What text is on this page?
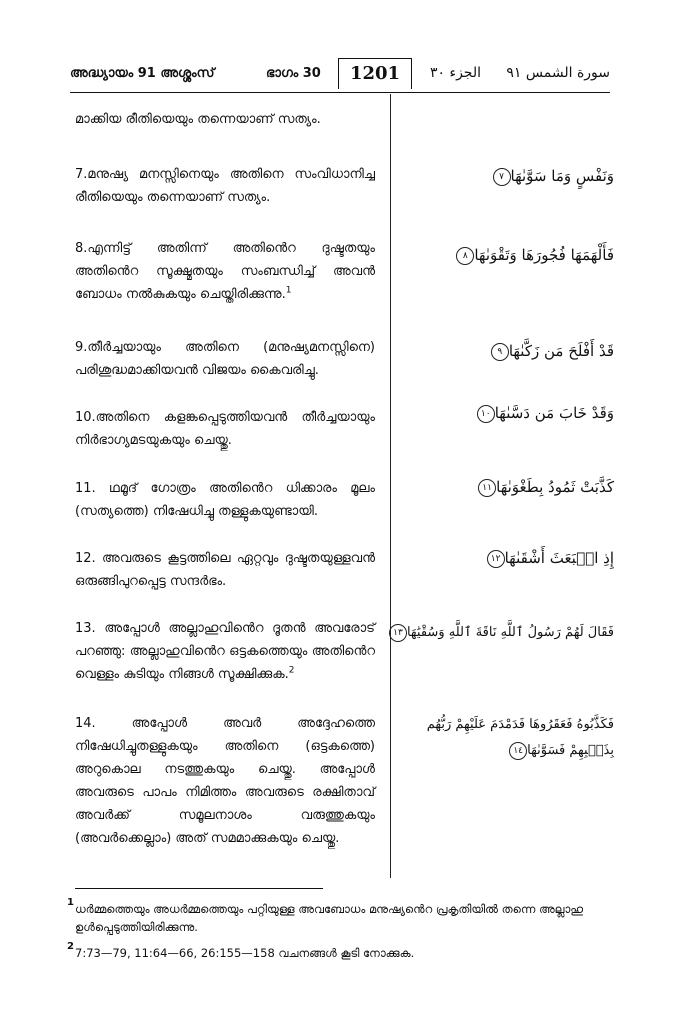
അദ്ധ്യായം 91 അശ്ശംസ്	ഭാഗം 30	1201	الجزء ٣٠ سورة الشمس ٩١

മാക്കിയ രീതിയെയും തന്നെയാണ് സത്യം.

7.മനുഷ്യ മനസ്സിനെയും അതിനെ സംവിധാനിച്ച രീതിയെയും തന്നെയാണ് സത്യം.

وَنَفْسٍ وَمَا سَوَّىٰهَا٧

8.എന്നിട്ട് അതിന്ന് അതിൻെറ ദുഷ്ടതയും അതിൻെറ സൂക്ഷ്മതയും സംബന്ധിച്ച് അവൻ ബോധം നൽകുകയും ചെയ്തിരിക്കുന്നു.$^1$

فَأَلْهَمَهَا فُجُورَهَا وَتَقْوَىٰهَا٨

9.തീർച്ചയായും അതിനെ (മനുഷ്യമനസ്സിനെ) പരിശുദ്ധമാക്കിയവൻ വിജയം കൈവരിച്ചു.

قَدْ أَفْلَحَ مَن زَكَّىٰهَا٩

10.അതിനെ കളങ്കപ്പെടുത്തിയവൻ തീർച്ചയായും നിർഭാഗ്യമടയുകയും ചെയ്തു.

وَقَدْ خَابَ مَن دَسَّىٰهَا١٠

11. ഥമൂദ് ഗോത്രം അതിൻെറ ധിക്കാരം മൂലം (സത്യത്തെ) നിഷേധിച്ചു തള്ളുകയുണ്ടായി.

كَذَّبَتْ ثَمُودُ بِطَغْوَىٰهَا١١

12. അവരുടെ കൂട്ടത്തിലെ ഏറ്റവും ദുഷ്ടതയുള്ളവൻ ഒരുങ്ങിപുറപ്പെട്ട സന്ദർഭം.

إِذِ انۢبَعَثَ أَشْقَىٰهَا١٢

13. അപ്പോൾ അല്ലാഹുവിൻെറ ദൂതൻ അവരോട് പറഞ്ഞു: അല്ലാഹുവിൻെറ ഒട്ടകത്തെയും അതിൻെറ വെള്ളം കുടിയും നിങ്ങൾ സൂക്ഷിക്കുക.$^2$

فَقَالَ لَهُمْ رَسُولُ ٱللَّهِ نَاقَةَ ٱللَّهِ وَسُقْيَٰهَا١٣

14. അപ്പോൾ അവർ അദ്ദേഹത്തെ നിഷേധിച്ചുതള്ളുകയും അതിനെ (ഒട്ടകത്തെ) അറുകൊല നടത്തുകയും ചെയ്തു. അപ്പോൾ അവരുടെ പാപം നിമിത്തം അവരുടെ രക്ഷിതാവ് അവർക്ക് സമൂലനാശം വരുത്തുകയും (അവർക്കെല്ലാം) അത് സമമാക്കുകയും ചെയ്തു.

فَكَذَّبُوهُ فَعَقَرُوهَا فَدَمْدَمَ عَلَيْهِمْ رَبُّهُم
بِذَنۢبِهِمْ فَسَوَّىٰهَا١٤
1 ധർമ്മത്തെയും അധർമ്മത്തെയും പറ്റിയുള്ള അവബോധം മനുഷ്യൻെറ പ്രകൃതിയിൽ തന്നെ അല്ലാഹു ഉൾപ്പെടുത്തിയിരിക്കുന്നു.
2 7:73—79, 11:64—66, 26:155—158 വചനങ്ങൾ കൂടി നോക്കുക.
